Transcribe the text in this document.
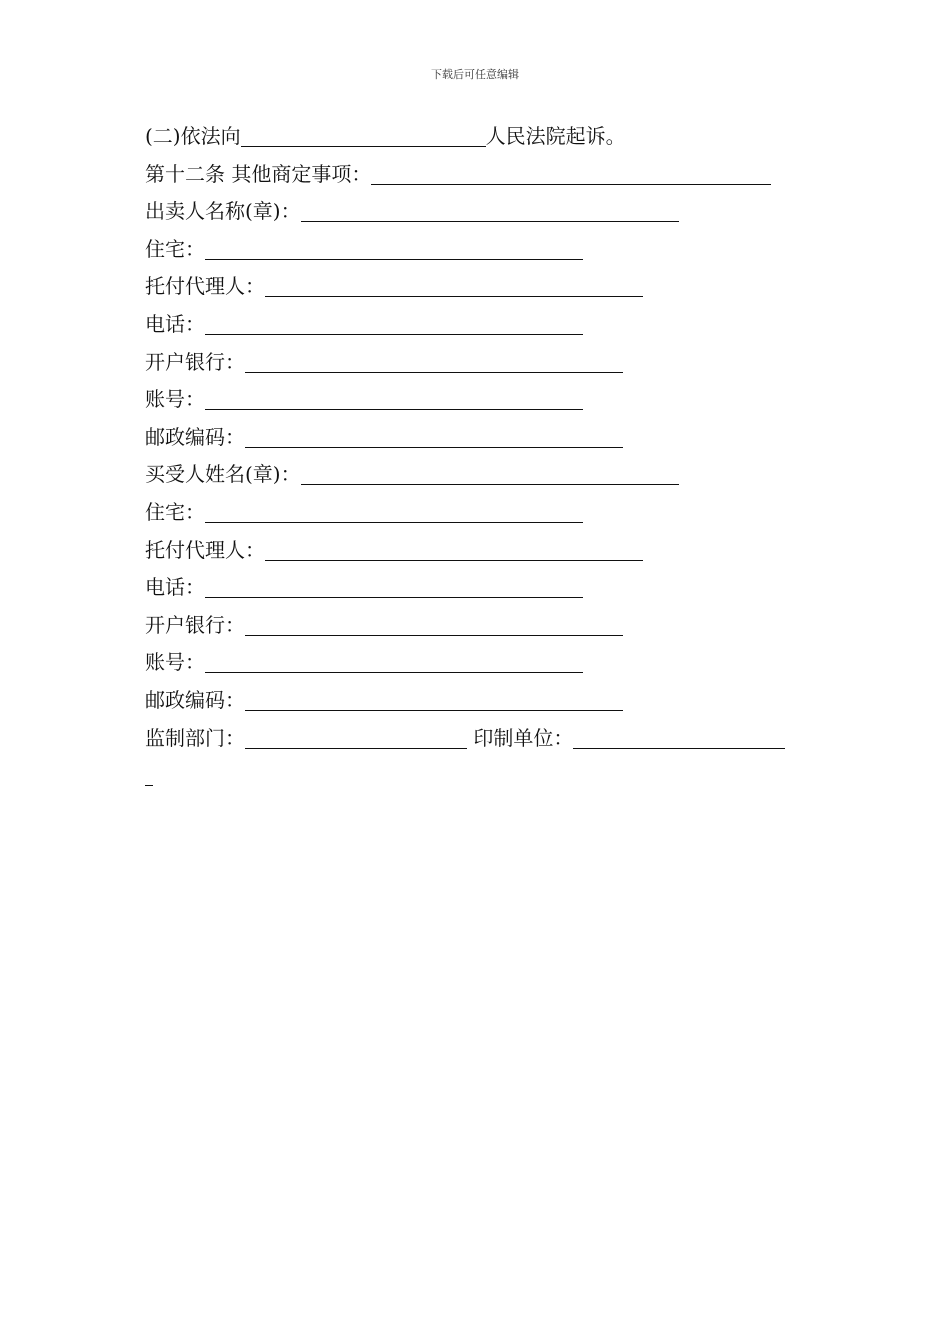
下载后可任意编辑
(二)依法向	人民法院起诉。
第十二条 其他商定事项：
出卖人名称(章)：
住宅：
托付代理人：
电话：
开户银行：
账号：
邮政编码：
买受人姓名(章)：
住宅：
托付代理人：
电话：
开户银行：
账号：
邮政编码：
监制部门：	印制单位：
